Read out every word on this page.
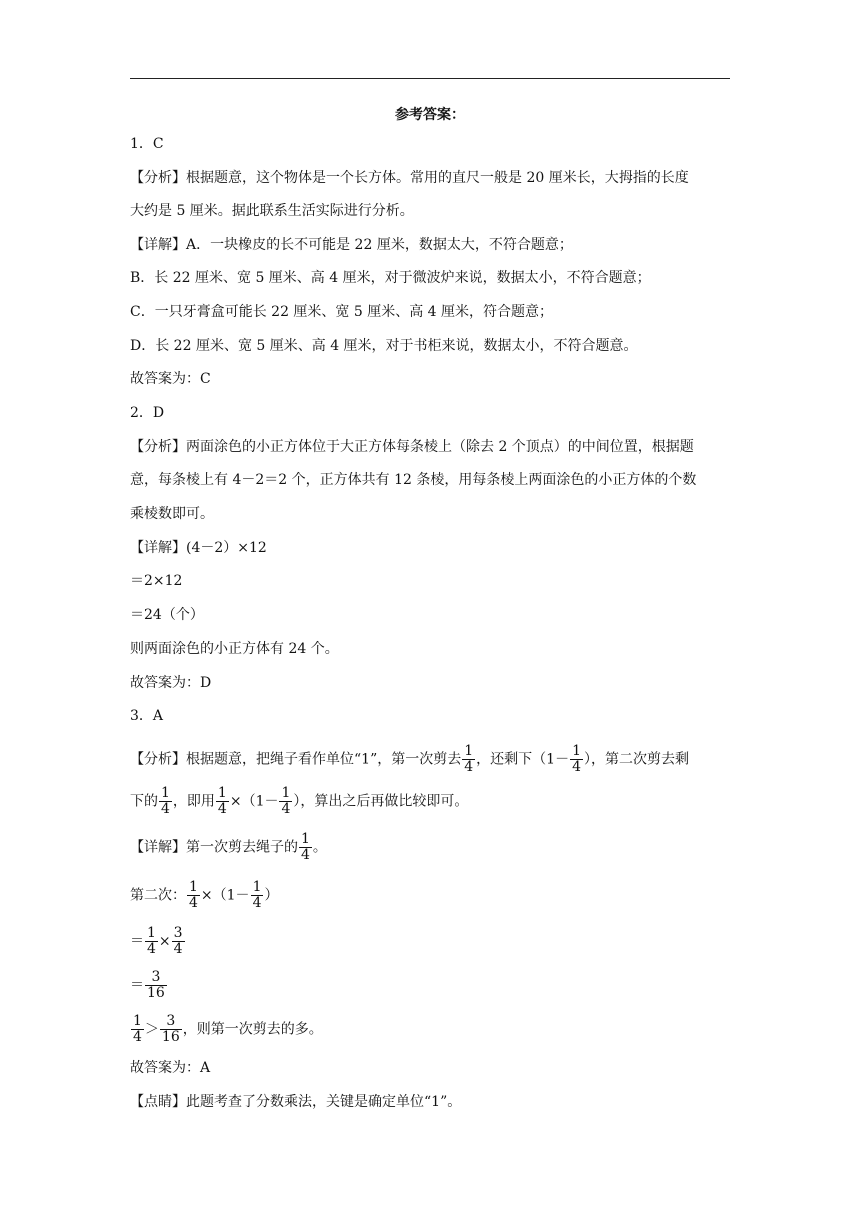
参考答案：
1．C
【分析】根据题意，这个物体是一个长方体。常用的直尺一般是 20 厘米长，大拇指的长度
大约是 5 厘米。据此联系生活实际进行分析。
【详解】A．一块橡皮的长不可能是 22 厘米，数据太大，不符合题意；
B．长 22 厘米、宽 5 厘米、高 4 厘米，对于微波炉来说，数据太小，不符合题意；
C．一只牙膏盒可能长 22 厘米、宽 5 厘米、高 4 厘米，符合题意；
D．长 22 厘米、宽 5 厘米、高 4 厘米，对于书柜来说，数据太小，不符合题意。
故答案为：C
2．D
【分析】两面涂色的小正方体位于大正方体每条棱上（除去 2 个顶点）的中间位置，根据题
意，每条棱上有 4－2＝2 个，正方体共有 12 条棱，用每条棱上两面涂色的小正方体的个数
乘棱数即可。
【详解】(4－2）×12
＝2×12
＝24（个）
则两面涂色的小正方体有 24 个。
故答案为：D
3．A
【分析】根据题意，把绳子看作单位“1”，第一次剪去 $\frac{1}{4}$ ，还剩下（$1- \frac{1}{4}$ ），第二次剪去剩
下的 $\frac{1}{4}$ ，即用 $\frac{1}{4} \times(1- \frac{1}{4}$ ），算出之后再做比较即可。
【详解】第一次剪去绳子的 $\frac{1}{4}$ 。
第二次： $\frac{1}{4} \times(1- \frac{1}{4}$ ）
＝ $\frac{1}{4} \times \frac{3}{4}$
＝ $\frac{3}{16}$
$\frac{1}{4} > \frac{3}{16}$ ，则第一次剪去的多。
故答案为：A
【点睛】此题考查了分数乘法，关键是确定单位“1”。
